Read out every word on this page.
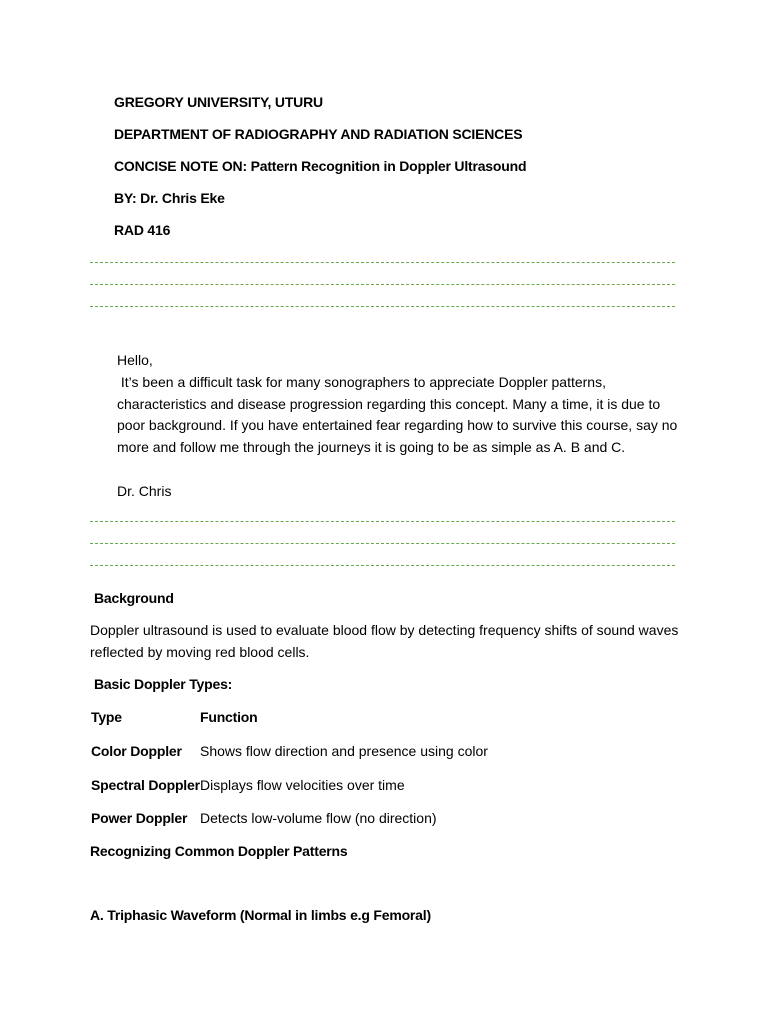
GREGORY UNIVERSITY, UTURU
DEPARTMENT OF RADIOGRAPHY AND RADIATION SCIENCES
CONCISE NOTE ON: Pattern Recognition in Doppler Ultrasound
BY: Dr. Chris Eke
RAD 416
Hello,
It’s been a difficult task for many sonographers to appreciate Doppler patterns,
characteristics and disease progression regarding this concept. Many a time, it is due to
poor background. If you have entertained fear regarding how to survive this course, say no
more and follow me through the journeys it is going to be as simple as A. B and C.
Dr. Chris
Background
Doppler ultrasound is used to evaluate blood flow by detecting frequency shifts of sound waves
reflected by moving red blood cells.
Basic Doppler Types:
Type	Function
Color Doppler Shows flow direction and presence using color
Spectral Doppler Displays flow velocities over time
Power Doppler Detects low-volume flow (no direction)
Recognizing Common Doppler Patterns
A. Triphasic Waveform (Normal in limbs e.g Femoral)
